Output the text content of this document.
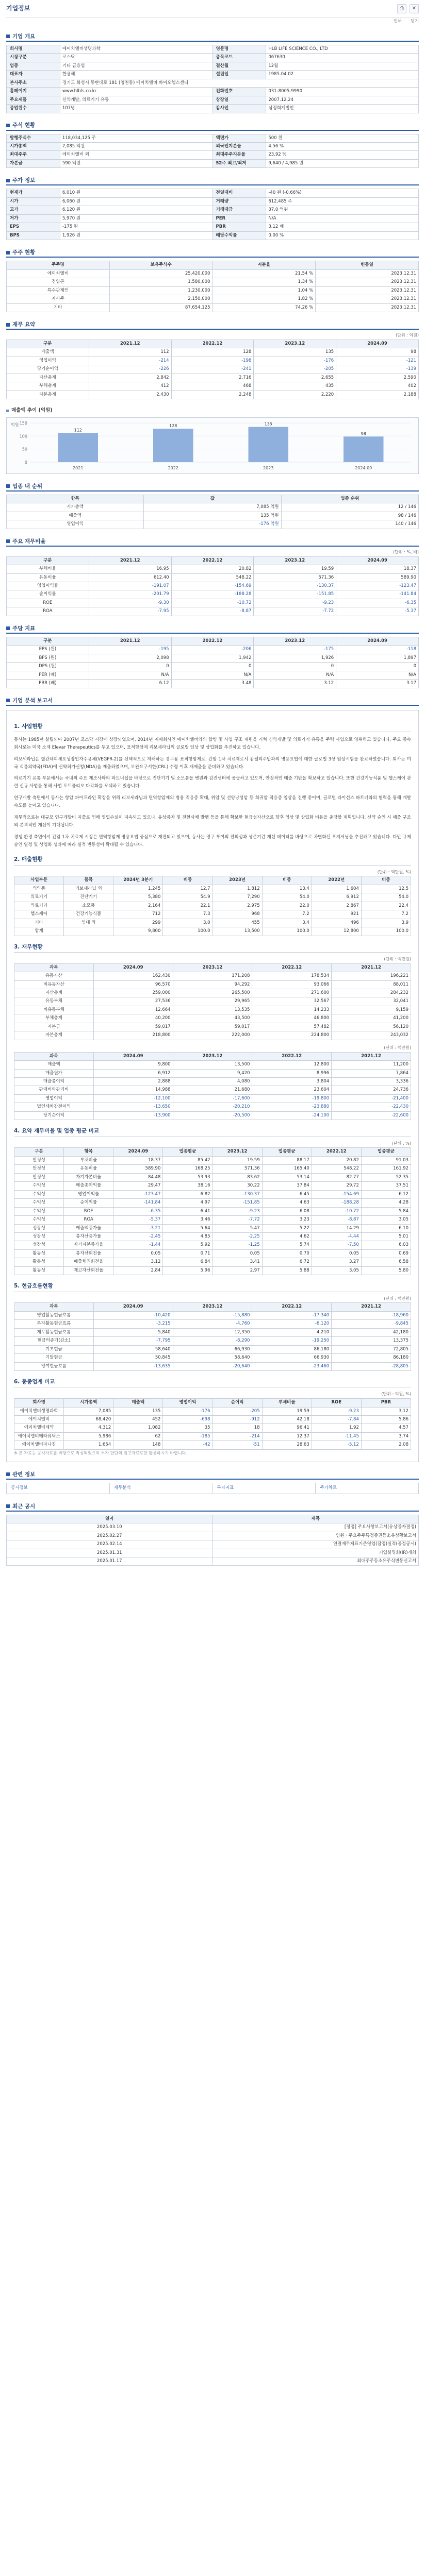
기업정보	⎙	✕
인쇄 닫기
기업 개요
회사명	에이치엘비생명과학	영문명	HLB LIFE SCIENCE CO., LTD
시장구분	코스닥	종목코드	067630
업종	기타 금융업	결산월	12월
대표자	한용해	설립일	1985.04.02
본사주소	경기도 화성시 동탄대로 181 (영천동) 에이치엘비 바이오헬스센터		
홈페이지	www.hlbls.co.kr	전화번호	031-8005-9990
주요제품	신약개발, 의료기기 유통	상장일	2007.12.24
종업원수	107명	감사인	삼정회계법인
주식 현황
발행주식수	118,034,125 주	액면가	500 원
시가총액	7,085 억원	외국인지분율	4.56 %
최대주주	에이치엘비 외	최대주주지분율	23.92 %
자본금	590 억원	52주 최고/최저	9,640 / 4,985 원
주가 정보
현재가	6,010 원	전일대비	-40 원 (-0.66%)
시가	6,060 원	거래량	612,485 주
고가	6,120 원	거래대금	37.0 억원
저가	5,970 원	PER	N/A
EPS	-175 원	PBR	3.12 배
BPS	1,926 원	배당수익률	0.00 %
주주 현황
주주명	보유주식수	지분율	변동일
에이치엘비	25,420,000	21.54 %	2023.12.31
진양곤	1,580,000	1.34 %	2023.12.31
특수관계인	1,230,000	1.04 %	2023.12.31
자사주	2,150,000	1.82 %	2023.12.31
기타	87,654,125	74.26 %	2023.12.31
재무 요약
(단위 : 억원)
구분	2021.12	2022.12	2023.12	2024.09
매출액	112	128	135	98
영업이익	-214	-198	-176	-121
당기순이익	-226	-241	-205	-139
자산총계	2,842	2,716	2,655	2,590
부채총계	412	468	435	402
자본총계	2,430	2,248	2,220	2,188
매출액 추이 (억원)
0
50
100
150
112
2021
128
2022
135
2023
98
2024.09
억원
업종 내 순위
항목	값	업종 순위
시가총액	7,085 억원	12 / 146
매출액	135 억원	98 / 146
영업이익	-176 억원	140 / 146
주요 재무비율
(단위 : %, 배)
구분	2021.12	2022.12	2023.12	2024.09
부채비율	16.95	20.82	19.59	18.37
유동비율	612.40	548.22	571.36	589.90
영업이익률	-191.07	-154.69	-130.37	-123.47
순이익률	-201.79	-188.28	-151.85	-141.84
ROE	-9.30	-10.72	-9.23	-6.35
ROA	-7.95	-8.87	-7.72	-5.37
주당 지표
구분	2021.12	2022.12	2023.12	2024.09
EPS (원)	-195	-206	-175	-118
BPS (원)	2,098	1,942	1,926	1,897
DPS (원)	0	0	0	0
PER (배)	N/A	N/A	N/A	N/A
PBR (배)	6.12	3.48	3.12	3.17
기업 분석 보고서
1. 사업현황

동사는 1985년 설립되어 2007년 코스닥 시장에 상장되었으며, 2014년 지배회사인 에이치엘비와의 합병 및 사업 구조 재편을 거쳐 신약개발 및 의료기기 유통을 주력 사업으로 영위하고 있습니다. 주요 종속회사로는 미국 소재 Elevar Therapeutics를 두고 있으며, 표적항암제 리보세라닙의 글로벌 임상 및 상업화를 추진하고 있습니다.

리보세라닙은 혈관내피세포성장인자수용체(VEGFR-2)를 선택적으로 저해하는 경구용 표적항암제로, 간암 1차 치료제로서 캄렐리주맙과의 병용요법에 대한 글로벌 3상 임상시험을 완료하였습니다. 회사는 미국 식품의약국(FDA)에 신약허가신청(NDA)을 제출하였으며, 보완요구서한(CRL) 수령 이후 재제출을 준비하고 있습니다.

의료기기 유통 부문에서는 국내외 주요 제조사와의 파트너십을 바탕으로 진단기기 및 소모품을 병원과 검진센터에 공급하고 있으며, 안정적인 매출 기반을 확보하고 있습니다. 또한 건강기능식품 및 헬스케어 관련 신규 사업을 통해 사업 포트폴리오 다각화를 모색하고 있습니다.

연구개발 측면에서 동사는 항암 파이프라인 확장을 위해 리보세라닙과 면역항암제의 병용 적응증 확대, 위암 및 선양낭성암 등 희귀암 적응증 임상을 진행 중이며, 글로벌 라이선스 파트너와의 협력을 통해 개발 속도를 높이고 있습니다.

재무적으로는 대규모 연구개발비 지출로 인해 영업손실이 지속되고 있으나, 유상증자 및 전환사채 발행 등을 통해 확보한 현금성자산으로 향후 임상 및 상업화 비용을 충당할 계획입니다. 신약 승인 시 매출 구조의 본격적인 개선이 기대됩니다.

경쟁 환경 측면에서 간암 1차 치료제 시장은 면역항암제 병용요법 중심으로 재편되고 있으며, 동사는 경구 투여의 편의성과 생존기간 개선 데이터를 바탕으로 차별화된 포지셔닝을 추진하고 있습니다. 다만 규제 승인 일정 및 상업화 성과에 따라 실적 변동성이 확대될 수 있습니다.

2. 매출현황
(단위 : 백만원, %)
사업부문	품목	2024년 3분기	비중	2023년	비중	2022년	비중
의약품	리보세라닙 외	1,245	12.7	1,812	13.4	1,604	12.5
의료기기	진단기기	5,380	54.9	7,290	54.0	6,912	54.0
의료기기	소모품	2,164	22.1	2,975	22.0	2,867	22.4
헬스케어	건강기능식품	712	7.3	968	7.2	921	7.2
기타	임대 외	299	3.0	455	3.4	496	3.9
합계		9,800	100.0	13,500	100.0	12,800	100.0
3. 재무현황
(단위 : 백만원)
과목	2024.09	2023.12	2022.12	2021.12
유동자산	162,430	171,208	178,534	196,221
비유동자산	96,570	94,292	93,066	88,011
자산총계	259,000	265,500	271,600	284,232
유동부채	27,536	29,965	32,567	32,041
비유동부채	12,664	13,535	14,233	9,159
부채총계	40,200	43,500	46,800	41,200
자본금	59,017	59,017	57,482	56,120
자본총계	218,800	222,000	224,800	243,032
(단위 : 백만원)
과목	2024.09	2023.12	2022.12	2021.12
매출액	9,800	13,500	12,800	11,200
매출원가	6,912	9,420	8,996	7,864
매출총이익	2,888	4,080	3,804	3,336
판매비와관리비	14,988	21,680	23,604	24,736
영업이익	-12,100	-17,600	-19,800	-21,400
법인세차감전이익	-13,650	-20,210	-23,880	-22,430
당기순이익	-13,900	-20,500	-24,100	-22,600
4. 요약 재무비율 및 업종 평균 비교
(단위 : %)
구분	항목	2024.09	업종평균	2023.12	업종평균	2022.12	업종평균
안정성	부채비율	18.37	85.42	19.59	88.17	20.82	91.03
안정성	유동비율	589.90	168.25	571.36	165.40	548.22	161.92
안정성	자기자본비율	84.48	53.93	83.62	53.14	82.77	52.35
수익성	매출총이익률	29.47	38.16	30.22	37.84	29.72	37.51
수익성	영업이익률	-123.47	6.82	-130.37	6.45	-154.69	6.12
수익성	순이익률	-141.84	4.97	-151.85	4.63	-188.28	4.28
수익성	ROE	-6.35	6.41	-9.23	6.08	-10.72	5.84
수익성	ROA	-5.37	3.46	-7.72	3.23	-8.87	3.05
성장성	매출액증가율	-3.21	5.64	5.47	5.22	14.29	6.10
성장성	총자산증가율	-2.45	4.85	-2.25	4.62	-4.44	5.01
성장성	자기자본증가율	-1.44	5.92	-1.25	5.74	-7.50	6.03
활동성	총자산회전율	0.05	0.71	0.05	0.70	0.05	0.69
활동성	매출채권회전율	3.12	6.84	3.41	6.72	3.27	6.58
활동성	재고자산회전율	2.84	5.96	2.97	5.88	3.05	5.80
5. 현금흐름현황
(단위 : 백만원)
과목	2024.09	2023.12	2022.12	2021.12
영업활동현금흐름	-10,420	-15,880	-17,340	-18,960
투자활동현금흐름	-3,215	-4,760	-6,120	-9,845
재무활동현금흐름	5,840	12,350	4,210	42,180
현금의증가(감소)	-7,795	-8,290	-19,250	13,375
기초현금	58,640	66,930	86,180	72,805
기말현금	50,845	58,640	66,930	86,180
잉여현금흐름	-13,635	-20,640	-23,460	-28,805
6. 동종업계 비교
(단위 : 억원, %)
회사명	시가총액	매출액	영업이익	순이익	부채비율	ROE	PBR
에이치엘비생명과학	7,085	135	-176	-205	19.59	-9.23	3.12
에이치엘비	68,420	452	-698	-912	42.18	-7.84	5.86
에이치엘비제약	4,312	1,082	35	18	96.41	1.92	4.57
에이치엘비테라퓨틱스	5,986	62	-185	-214	12.37	-11.45	3.74
에이치엘비파나진	1,654	148	-42	-51	28.63	-5.12	2.08
※ 본 자료는 공시자료를 바탕으로 작성되었으며 투자 판단의 참고자료로만 활용하시기 바랍니다.
관련 정보
공시정보	재무분석	투자지표	주가차트
최근 공시
일자	제목
2025.03.10	[정정] 주요사항보고서(유상증자결정)
2025.02.27	임원ㆍ주요주주특정증권등소유상황보고서
2025.02.14	연결재무제표기준영업(잠정)실적(공정공시)
2025.01.31	기업설명회(IR)개최
2025.01.17	최대주주등소유주식변동신고서
